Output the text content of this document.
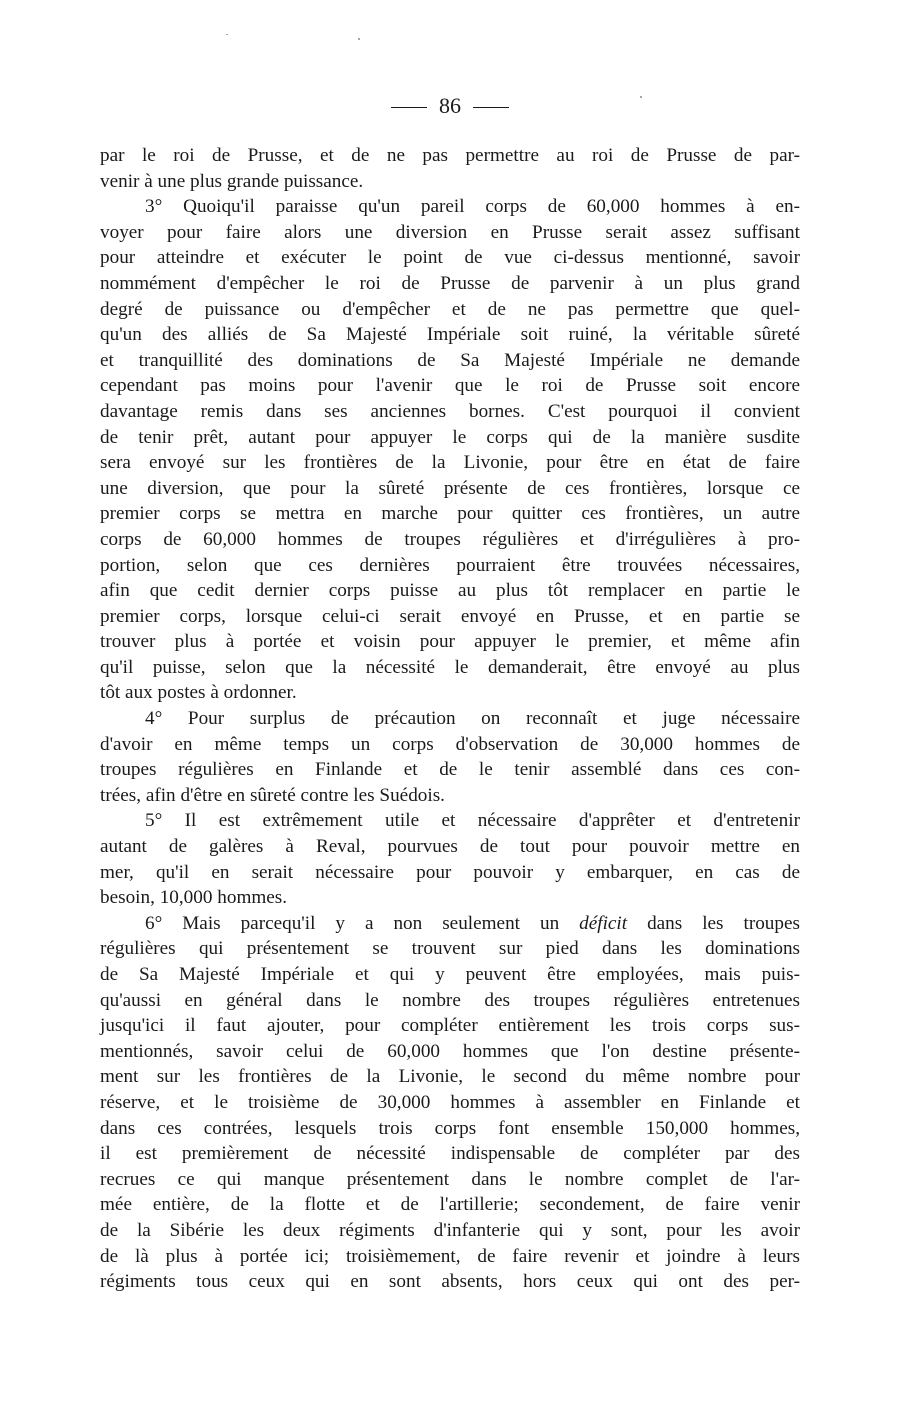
86
par le roi de Prusse, et de ne pas permettre au roi de Prusse de par-
venir à une plus grande puissance.
3° Quoiqu'il paraisse qu'un pareil corps de 60,000 hommes à en-
voyer pour faire alors une diversion en Prusse serait assez suffisant
pour atteindre et exécuter le point de vue ci-dessus mentionné, savoir
nommément d'empêcher le roi de Prusse de parvenir à un plus grand
degré de puissance ou d'empêcher et de ne pas permettre que quel-
qu'un des alliés de Sa Majesté Impériale soit ruiné, la véritable sûreté
et tranquillité des dominations de Sa Majesté Impériale ne demande
cependant pas moins pour l'avenir que le roi de Prusse soit encore
davantage remis dans ses anciennes bornes. C'est pourquoi il convient
de tenir prêt, autant pour appuyer le corps qui de la manière susdite
sera envoyé sur les frontières de la Livonie, pour être en état de faire
une diversion, que pour la sûreté présente de ces frontières, lorsque ce
premier corps se mettra en marche pour quitter ces frontières, un autre
corps de 60,000 hommes de troupes régulières et d'irrégulières à pro-
portion, selon que ces dernières pourraient être trouvées nécessaires,
afin que cedit dernier corps puisse au plus tôt remplacer en partie le
premier corps, lorsque celui-ci serait envoyé en Prusse, et en partie se
trouver plus à portée et voisin pour appuyer le premier, et même afin
qu'il puisse, selon que la nécessité le demanderait, être envoyé au plus
tôt aux postes à ordonner.
4° Pour surplus de précaution on reconnaît et juge nécessaire
d'avoir en même temps un corps d'observation de 30,000 hommes de
troupes régulières en Finlande et de le tenir assemblé dans ces con-
trées, afin d'être en sûreté contre les Suédois.
5° Il est extrêmement utile et nécessaire d'apprêter et d'entretenir
autant de galères à Reval, pourvues de tout pour pouvoir mettre en
mer, qu'il en serait nécessaire pour pouvoir y embarquer, en cas de
besoin, 10,000 hommes.
6° Mais parcequ'il y a non seulement un déficit dans les troupes
régulières qui présentement se trouvent sur pied dans les dominations
de Sa Majesté Impériale et qui y peuvent être employées, mais puis-
qu'aussi en général dans le nombre des troupes régulières entretenues
jusqu'ici il faut ajouter, pour compléter entièrement les trois corps sus-
mentionnés, savoir celui de 60,000 hommes que l'on destine présente-
ment sur les frontières de la Livonie, le second du même nombre pour
réserve, et le troisième de 30,000 hommes à assembler en Finlande et
dans ces contrées, lesquels trois corps font ensemble 150,000 hommes,
il est premièrement de nécessité indispensable de compléter par des
recrues ce qui manque présentement dans le nombre complet de l'ar-
mée entière, de la flotte et de l'artillerie; secondement, de faire venir
de la Sibérie les deux régiments d'infanterie qui y sont, pour les avoir
de là plus à portée ici; troisièmement, de faire revenir et joindre à leurs
régiments tous ceux qui en sont absents, hors ceux qui ont des per-
